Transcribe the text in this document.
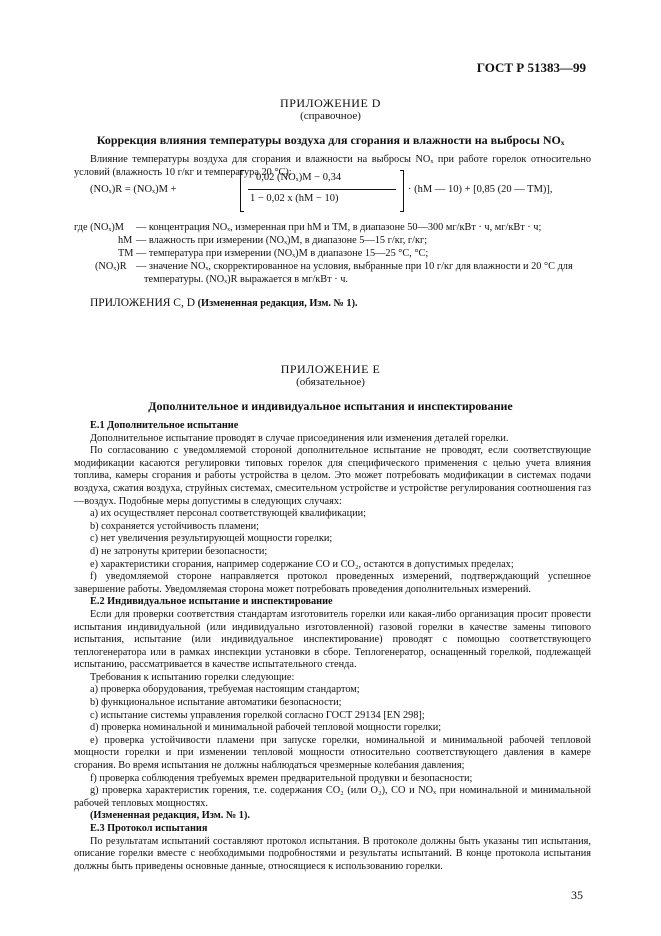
ГОСТ Р 51383—99
ПРИЛОЖЕНИЕ D
(справочное)
Коррекция влияния температуры воздуха для сгорания и влажности на выбросы NOₓ
Влияние температуры воздуха для сгорания и влажности на выбросы NOₓ при работе горелок относительно условий (влажность 10 г/кг и температура 20 °С):
(NOₓ)R = (NOₓ)M +
0,02 (NOₓ)M − 0,34
1 − 0,02 x (hM − 10)
· (hM — 10) + [0,85 (20 — TM)],
где (NOₓ)M — концентрация NOₓ, измеренная при hM и TM, в диапазоне 50—300 мг/кВт · ч, мг/кВт · ч;
hM — влажность при измерении (NOₓ)M, в диапазоне 5—15 г/кг, г/кг;
TM — температура при измерении (NOₓ)M в диапазоне 15—25 °С, °С;
(NOₓ)R — значение NOₓ, скорректированное на условия, выбранные при 10 г/кг для влажности и 20 °С для
температуры. (NOₓ)R выражается в мг/кВт · ч.
ПРИЛОЖЕНИЯ С, D (Измененная редакция, Изм. № 1).
ПРИЛОЖЕНИЕ Е
(обязательное)
Дополнительное и индивидуальное испытания и инспектирование
Е.1 Дополнительное испытание
Дополнительное испытание проводят в случае присоединения или изменения деталей горелки.
По согласованию с уведомляемой стороной дополнительное испытание не проводят, если соответствующие модификации касаются регулировки типовых горелок для специфического применения с целью учета влияния топлива, камеры сгорания и работы устройства в целом. Это может потребовать модификации в системах подачи воздуха, сжатия воздуха, струйных системах, смесительном устройстве и устройстве регулирования соотношения газ—воздух. Подобные меры допустимы в следующих случаях:
а) их осуществляет персонал соответствующей квалификации;
b) сохраняется устойчивость пламени;
с) нет увеличения результирующей мощности горелки;
d) не затронуты критерии безопасности;
е) характеристики сгорания, например содержание СО и СО₂, остаются в допустимых пределах;
f) уведомляемой стороне направляется протокол проведенных измерений, подтверждающий успешное завершение работы. Уведомляемая сторона может потребовать проведения дополнительных измерений.
Е.2 Индивидуальное испытание и инспектирование
Если для проверки соответствия стандартам изготовитель горелки или какая-либо организация просит провести испытания индивидуальной (или индивидуально изготовленной) газовой горелки в качестве замены типового испытания, испытание (или индивидуальное инспектирование) проводят с помощью соответствующего теплогенератора или в рамках инспекции установки в сборе. Теплогенератор, оснащенный горелкой, подлежащей испытанию, рассматривается в качестве испытательного стенда.
Требования к испытанию горелки следующие:
а) проверка оборудования, требуемая настоящим стандартом;
b) функциональное испытание автоматики безопасности;
с) испытание системы управления горелкой согласно ГОСТ 29134 [EN 298];
d) проверка номинальной и минимальной рабочей тепловой мощности горелки;
е) проверка устойчивости пламени при запуске горелки, номинальной и минимальной рабочей тепловой мощности горелки и при изменении тепловой мощности относительно соответствующего давления в камере сгорания. Во время испытания не должны наблюдаться чрезмерные колебания давления;
f) проверка соблюдения требуемых времен предварительной продувки и безопасности;
g) проверка характеристик горения, т.е. содержания СО₂ (или О₂), СО и NOₓ при номинальной и минимальной рабочей тепловых мощностях.
(Измененная редакция, Изм. № 1).
Е.3 Протокол испытания
По результатам испытаний составляют протокол испытания. В протоколе должны быть указаны тип испытания, описание горелки вместе с необходимыми подробностями и результаты испытаний. В конце протокола испытания должны быть приведены основные данные, относящиеся к использованию горелки.
35
